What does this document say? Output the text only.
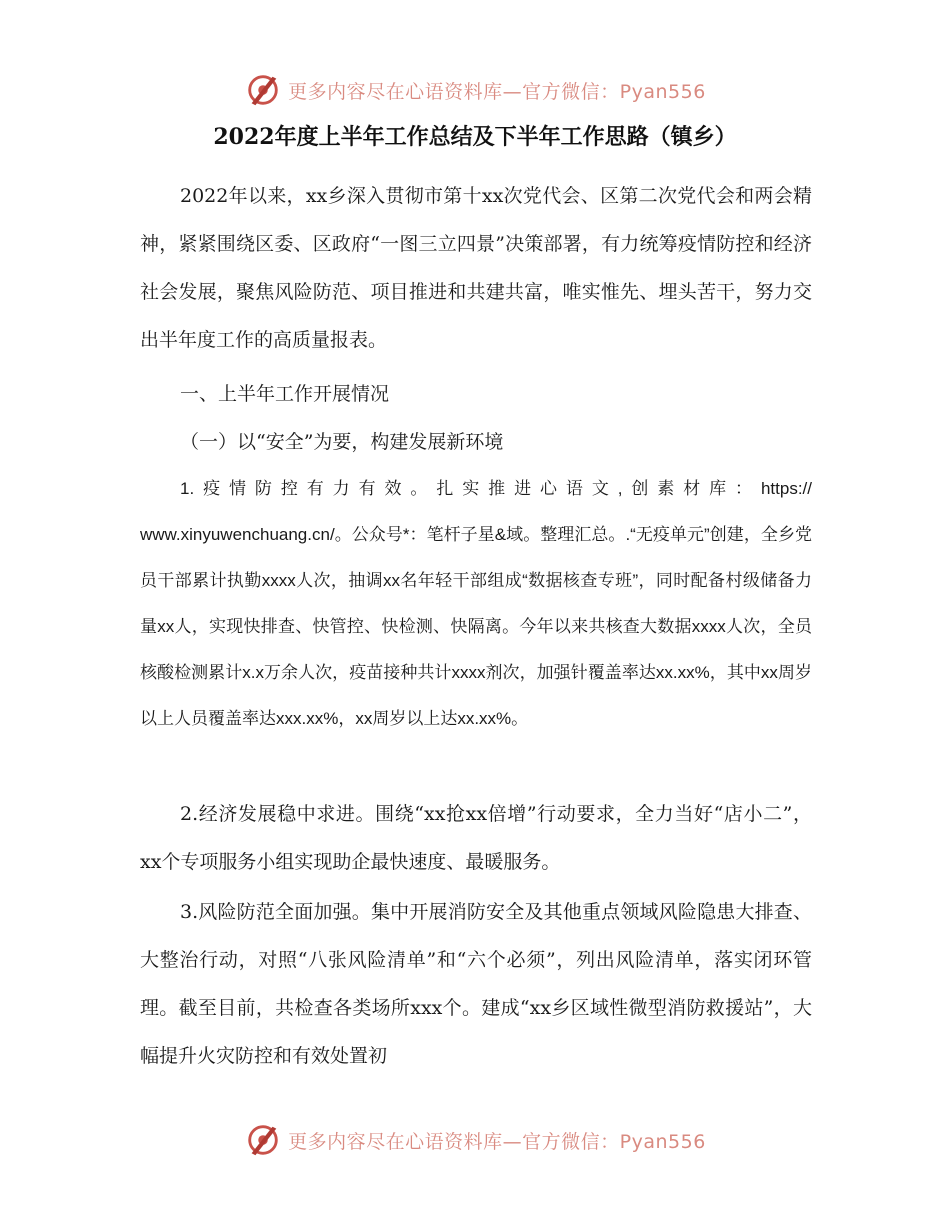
更多内容尽在心语资料库—官方微信：Pyan556
2022年度上半年工作总结及下半年工作思路（镇乡）

2022年以来，xx乡深入贯彻市第十xx次党代会、区第二次党代会和两会精神，紧紧围绕区委、区政府“一图三立四景”决策部署，有力统筹疫情防控和经济社会发展，聚焦风险防范、项目推进和共建共富，唯实惟先、埋头苦干，努力交出半年度工作的高质量报表。

一、上半年工作开展情况

（一）以“安全”为要，构建发展新环境

1.疫情防控有力有效。扎实推进心语文,创素材库：https:// www.xinyuwenchuang.cn/。公众号*：笔杆子星&域。整理汇总。.“无疫单元”创建，全乡党员干部累计执勤xxxx人次，抽调xx名年轻干部组成“数据核查专班”，同时配备村级储备力量xx人，实现快排查、快管控、快检测、快隔离。今年以来共核查大数据xxxx人次，全员核酸检测累计x.x万余人次，疫苗接种共计xxxx剂次，加强针覆盖率达xx.xx%，其中xx周岁以上人员覆盖率达xxx.xx%，xx周岁以上达xx.xx%。

2.经济发展稳中求进。围绕“xx抢xx倍增”行动要求，全力当好“店小二”，xx个专项服务小组实现助企最快速度、最暖服务。

3.风险防范全面加强。集中开展消防安全及其他重点领域风险隐患大排查、大整治行动，对照“八张风险清单”和“六个必须”，列出风险清单，落实闭环管理。截至目前，共检查各类场所xxx个。建成“xx乡区域性微型消防救援站”，大幅提升火灾防控和有效处置初

更多内容尽在心语资料库—官方微信：Pyan556
